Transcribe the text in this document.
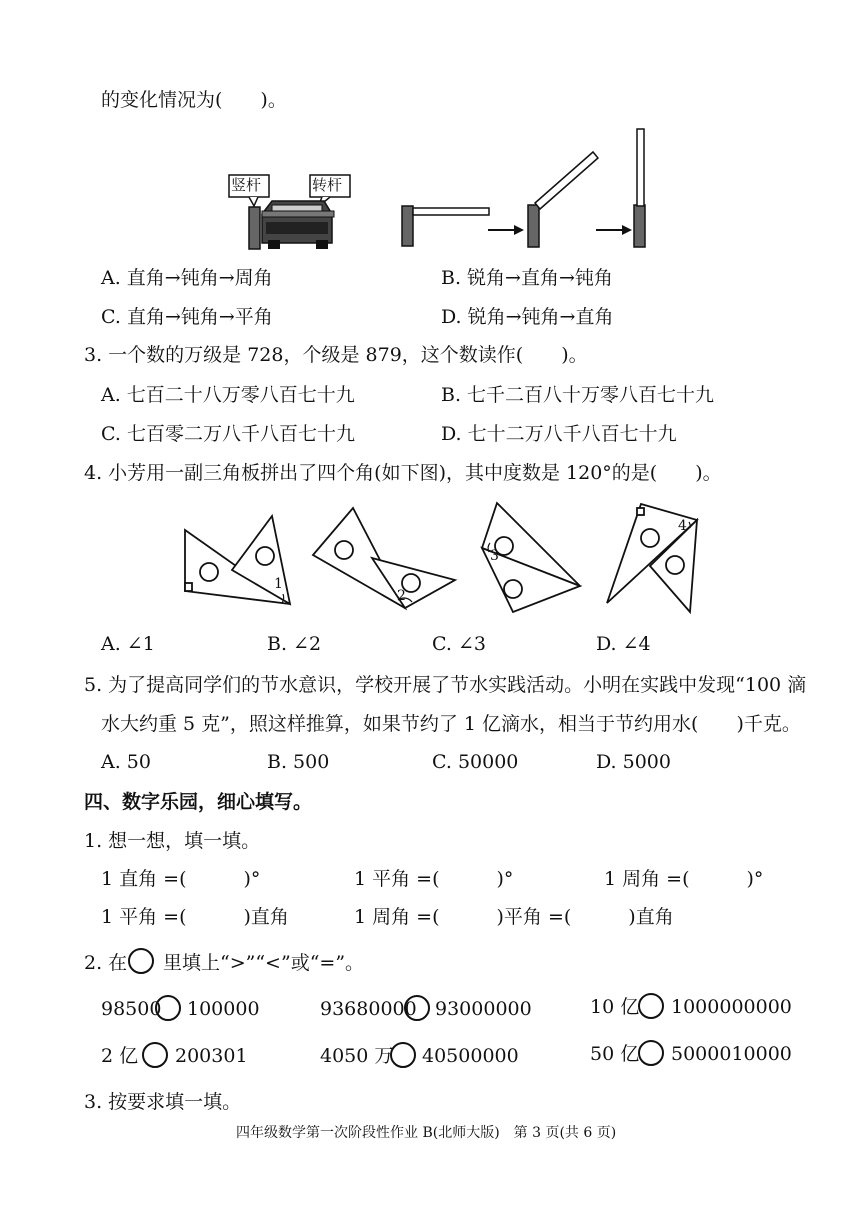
的变化情况为(　　)。
竖杆	转杆
A. 直角→钝角→周角	B. 锐角→直角→钝角
C. 直角→钝角→平角	D. 锐角→钝角→直角
3. 一个数的万级是 728，个级是 879，这个数读作(　　)。
A. 七百二十八万零八百七十九	B. 七千二百八十万零八百七十九
C. 七百零二万八千八百七十九	D. 七十二万八千八百七十九
4. 小芳用一副三角板拼出了四个角(如下图)，其中度数是 120°的是(　　)。
1
2
3
4
A. ∠1	B. ∠2	C. ∠3	D. ∠4
5. 为了提高同学们的节水意识，学校开展了节水实践活动。小明在实践中发现“100 滴
水大约重 5 克”，照这样推算，如果节约了 1 亿滴水，相当于节约用水(　　)千克。
A. 50	B. 500	C. 50000	D. 5000
四、数字乐园，细心填写。
1. 想一想，填一填。
1 直角 =(　　　)°	1 平角 =(　　　)°	1 周角 =(　　　)°
1 平角 =(　　　)直角	1 周角 =(　　　)平角 =(　　　)直角
2. 在 里填上“>”“<”或“=”。
98500 100000	93680000 93000000	10 亿 1000000000
2 亿 200301	4050 万 40500000	50 亿 5000010000
3. 按要求填一填。
四年级数学第一次阶段性作业 B(北师大版)　第 3 页(共 6 页)
